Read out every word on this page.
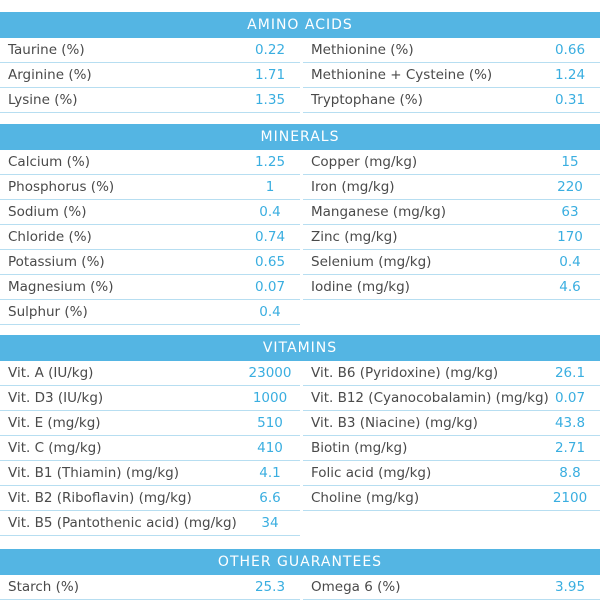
AMINO ACIDS
Taurine (%)	0.22
Arginine (%)	1.71
Lysine (%)	1.35
Methionine (%)	0.66
Methionine + Cysteine (%)	1.24
Tryptophane (%)	0.31
MINERALS
Calcium (%)	1.25
Phosphorus (%)	1
Sodium (%)	0.4
Chloride (%)	0.74
Potassium (%)	0.65
Magnesium (%)	0.07
Sulphur (%)	0.4
Copper (mg/kg)	15
Iron (mg/kg)	220
Manganese (mg/kg)	63
Zinc (mg/kg)	170
Selenium (mg/kg)	0.4
Iodine (mg/kg)	4.6
VITAMINS
Vit. A (IU/kg)	23000
Vit. D3 (IU/kg)	1000
Vit. E (mg/kg)	510
Vit. C (mg/kg)	410
Vit. B1 (Thiamin) (mg/kg)	4.1
Vit. B2 (Riboflavin) (mg/kg)	6.6
Vit. B5 (Pantothenic acid) (mg/kg)	34
Vit. B6 (Pyridoxine) (mg/kg)	26.1
Vit. B12 (Cyanocobalamin) (mg/kg) 0.07
Vit. B3 (Niacine) (mg/kg)	43.8
Biotin (mg/kg)	2.71
Folic acid (mg/kg)	8.8
Choline (mg/kg)	2100
OTHER GUARANTEES
Starch (%)	25.3	Omega 6 (%)	3.95
